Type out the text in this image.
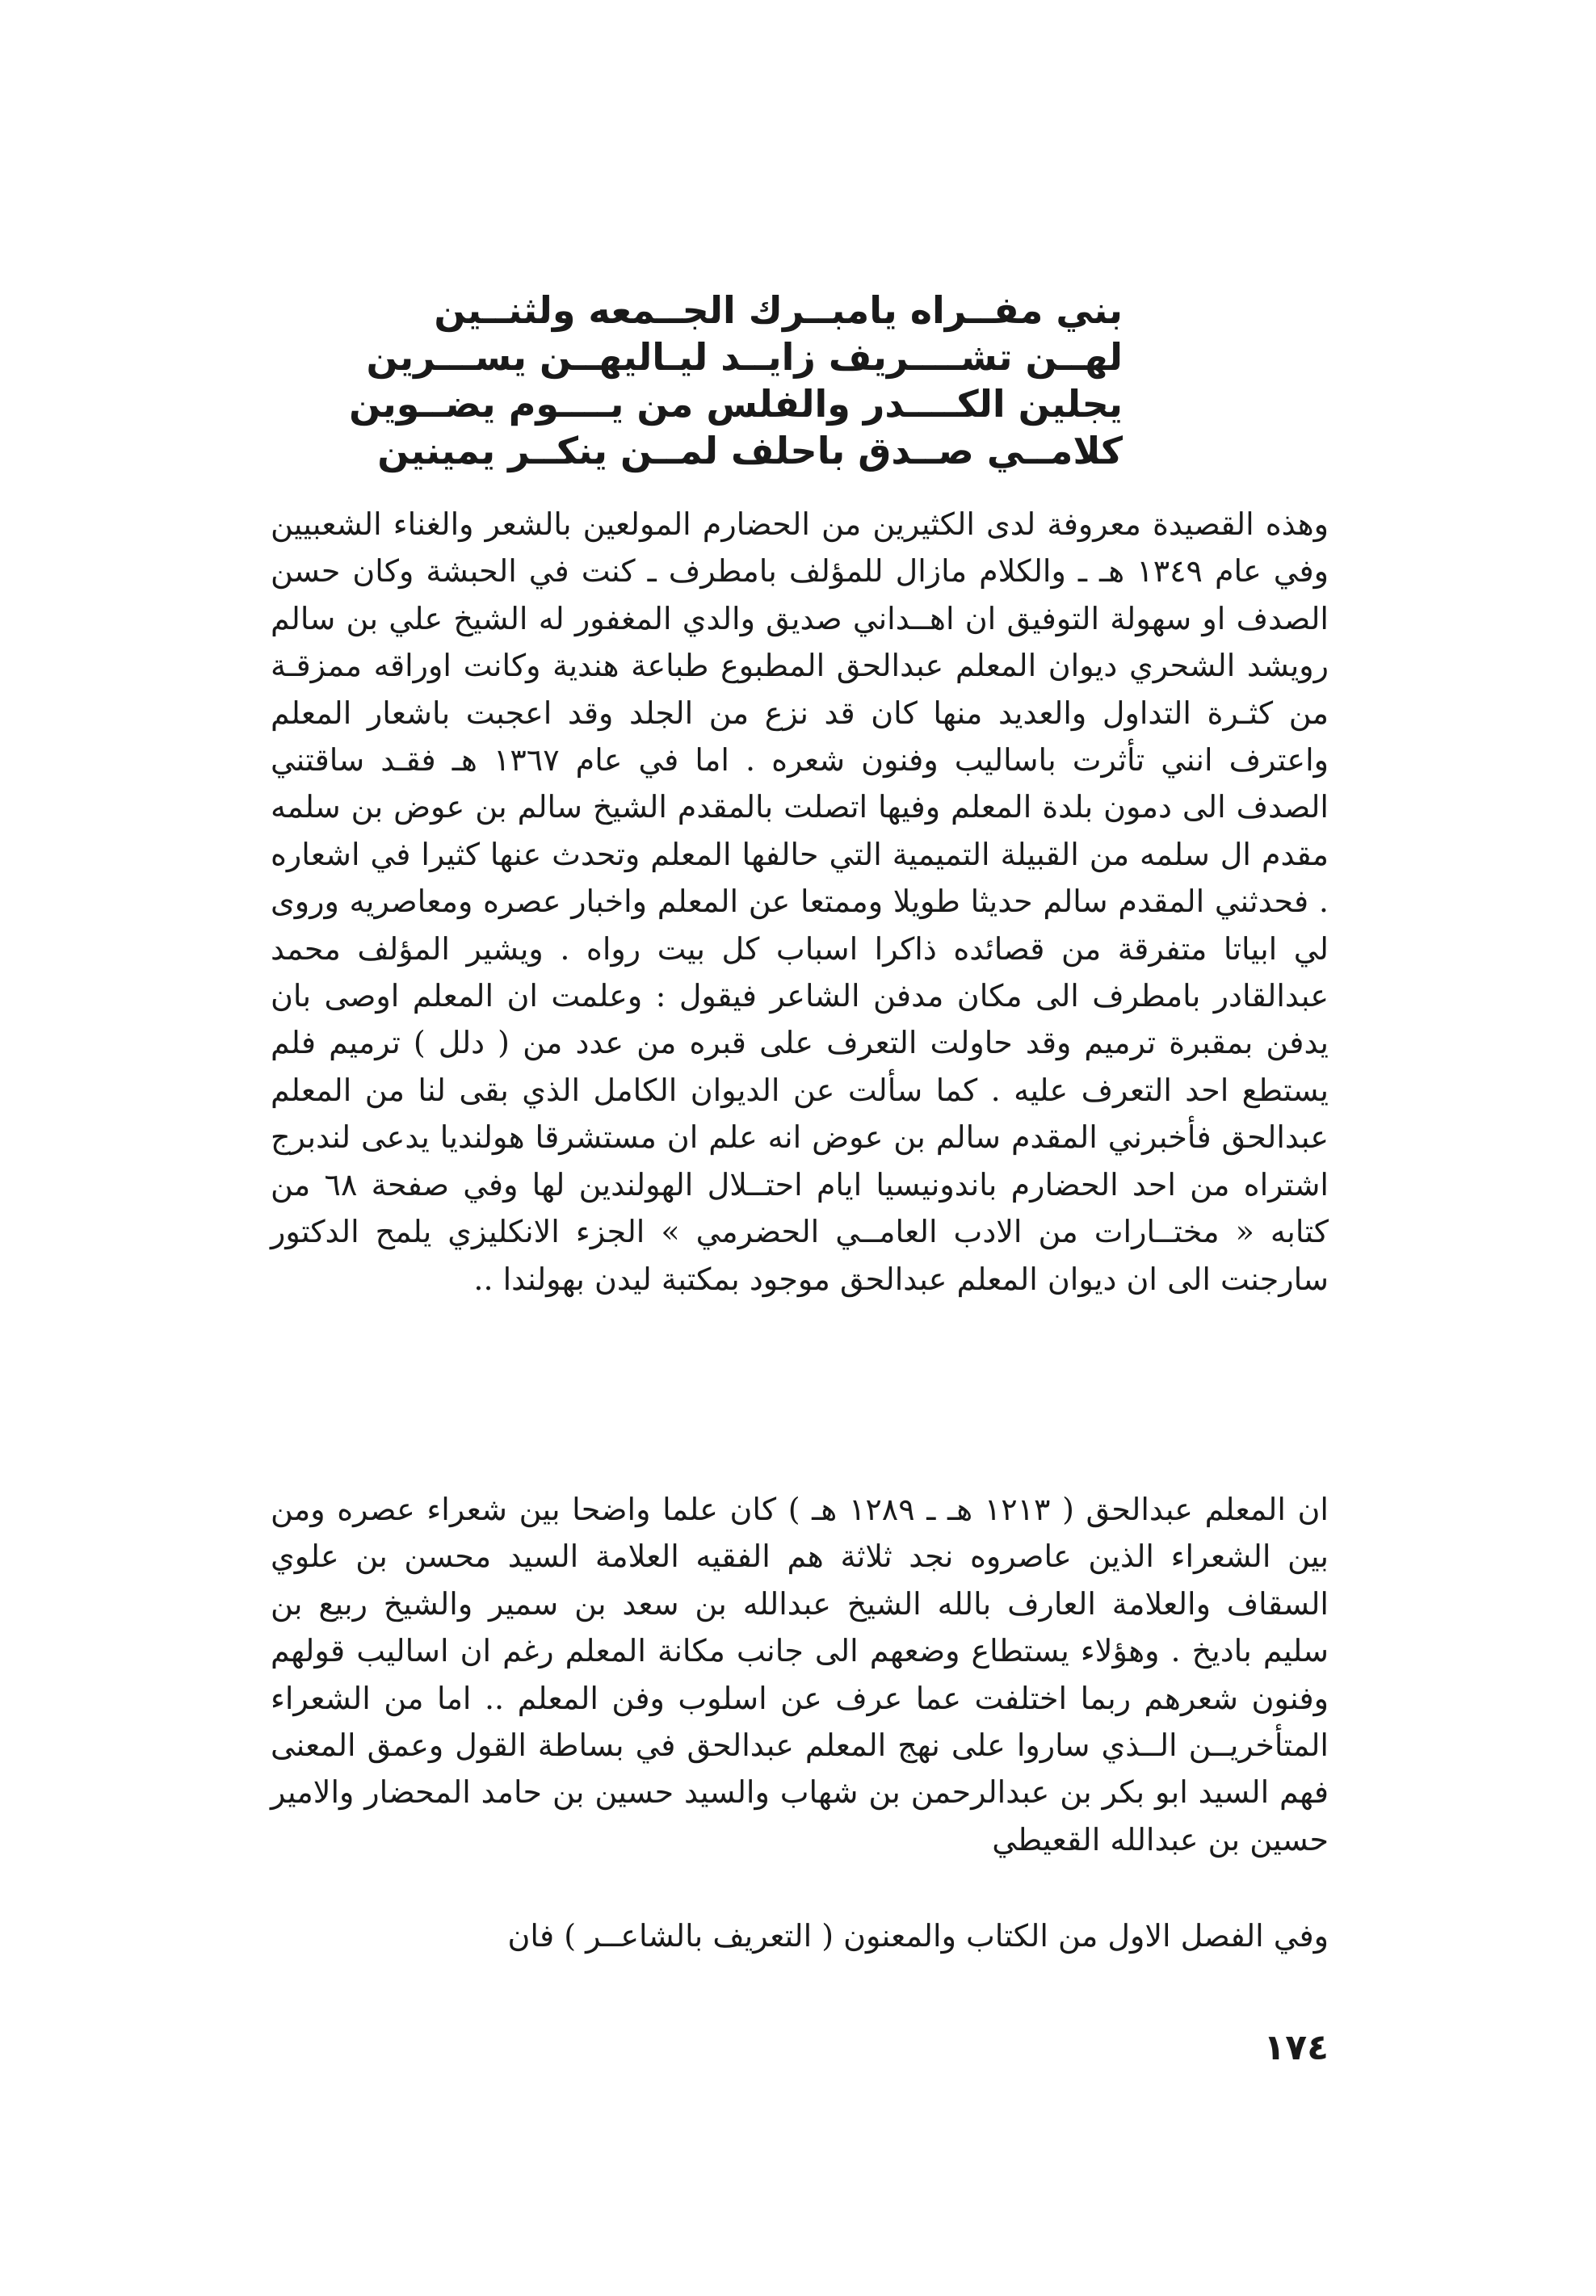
بني مفــراه يامبــرك الجــمعه ولثنــين
لهــن تشــــريف زايــد ليـاليهــن يســـرين
يجلين الكــــدر والفلس من يــــوم يضــوين
كلامــي صــدق باحلف لمــن ينكــر يمينين

وهذه القصيدة معروفة لدى الكثيرين من الحضارم المولعين بالشعر والغناء الشعبيين وفي عام ١٣٤٩ هـ ـ والكلام مازال للمؤلف بامطرف ـ كنت في الحبشة وكان حسن الصدف او سهولة التوفيق ان اهــداني صديق والدي المغفور له الشيخ علي بن سالم رويشد الشحري ديوان المعلم عبدالحق المطبوع طباعة هندية وكانت اوراقه ممزقـة من كثـرة التداول والعديد منها كان قد نزع من الجلد وقد اعجبت باشعار المعلم واعترف انني تأثرت باساليب وفنون شعره . اما في عام ١٣٦٧ هـ فقـد ساقتني الصدف الى دمون بلدة المعلم وفيها اتصلت بالمقدم الشيخ سالم بن عوض بن سلمه مقدم ال سلمه من القبيلة التميمية التي حالفها المعلم وتحدث عنها كثيرا في اشعاره . فحدثني المقدم سالم حديثا طويلا وممتعا عن المعلم واخبار عصره ومعاصريه وروى لي ابياتا متفرقة من قصائده ذاكرا اسباب كل بيت رواه . ويشير المؤلف محمد عبدالقادر بامطرف الى مكان مدفن الشاعر فيقول : وعلمت ان المعلم اوصى بان يدفن بمقبرة ترميم وقد حاولت التعرف على قبره من عدد من ( دلل ) ترميم فلم يستطع احد التعرف عليه . كما سألت عن الديوان الكامل الذي بقى لنا من المعلم عبدالحق فأخبرني المقدم سالم بن عوض انه علم ان مستشرقا هولنديا يدعى لندبرج اشتراه من احد الحضارم باندونيسيا ايام احتــلال الهولندين لها وفي صفحة ٦٨ من كتابه « مختــارات من الادب العامــي الحضرمي » الجزء الانكليزي يلمح الدكتور سارجنت الى ان ديوان المعلم عبدالحق موجود بمكتبة ليدن بهولندا ..

ان المعلم عبدالحق ( ١٢١٣ هـ ـ ١٢٨٩ هـ ) كان علما واضحا بين شعراء عصره ومن بين الشعراء الذين عاصروه نجد ثلاثة هم الفقيه العلامة السيد محسن بن علوي السقاف والعلامة العارف بالله الشيخ عبدالله بن سعد بن سمير والشيخ ربيع بن سليم باديخ . وهؤلاء يستطاع وضعهم الى جانب مكانة المعلم رغم ان اساليب قولهم وفنون شعرهم ربما اختلفت عما عرف عن اسلوب وفن المعلم .. اما من الشعراء المتأخريــن الــذي ساروا على نهج المعلم عبدالحق في بساطة القول وعمق المعنى فهم السيد ابو بكر بن عبدالرحمن بن شهاب والسيد حسين بن حامد المحضار والامير حسين بن عبدالله القعيطي

وفي الفصل الاول من الكتاب والمعنون ( التعريف بالشاعــر ) فان

١٧٤
